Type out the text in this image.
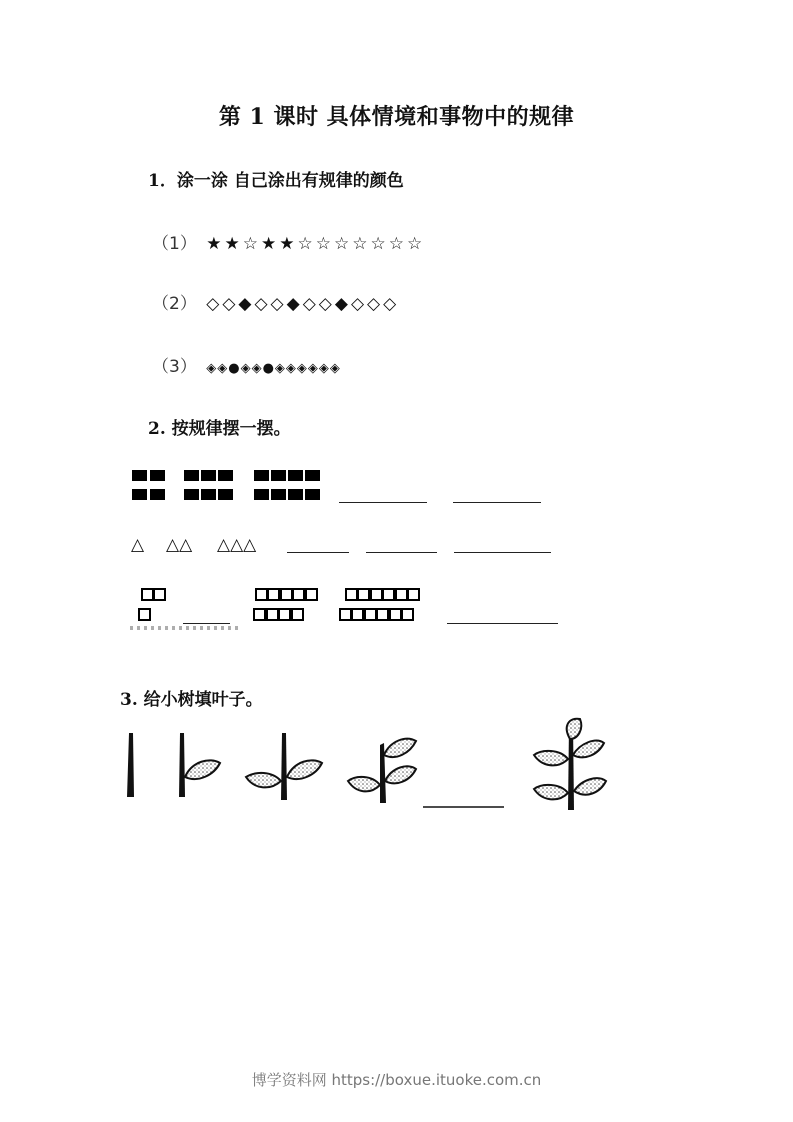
第 1 课时 具体情境和事物中的规律
1．涂一涂 自己涂出有规律的颜色
（1） ★ ★ ☆ ★ ★ ☆ ☆ ☆ ☆ ☆ ☆ ☆
（2） ◇ ◇ ◆ ◇ ◇ ◆ ◇ ◇ ◆ ◇ ◇ ◇
（3） ◈◈●◈◈●◈◈◈◈◈◈
2. 按规律摆一摆。
△ △△ △△△
3. 给小树填叶子。
博学资料网 https://boxue.ituoke.com.cn
